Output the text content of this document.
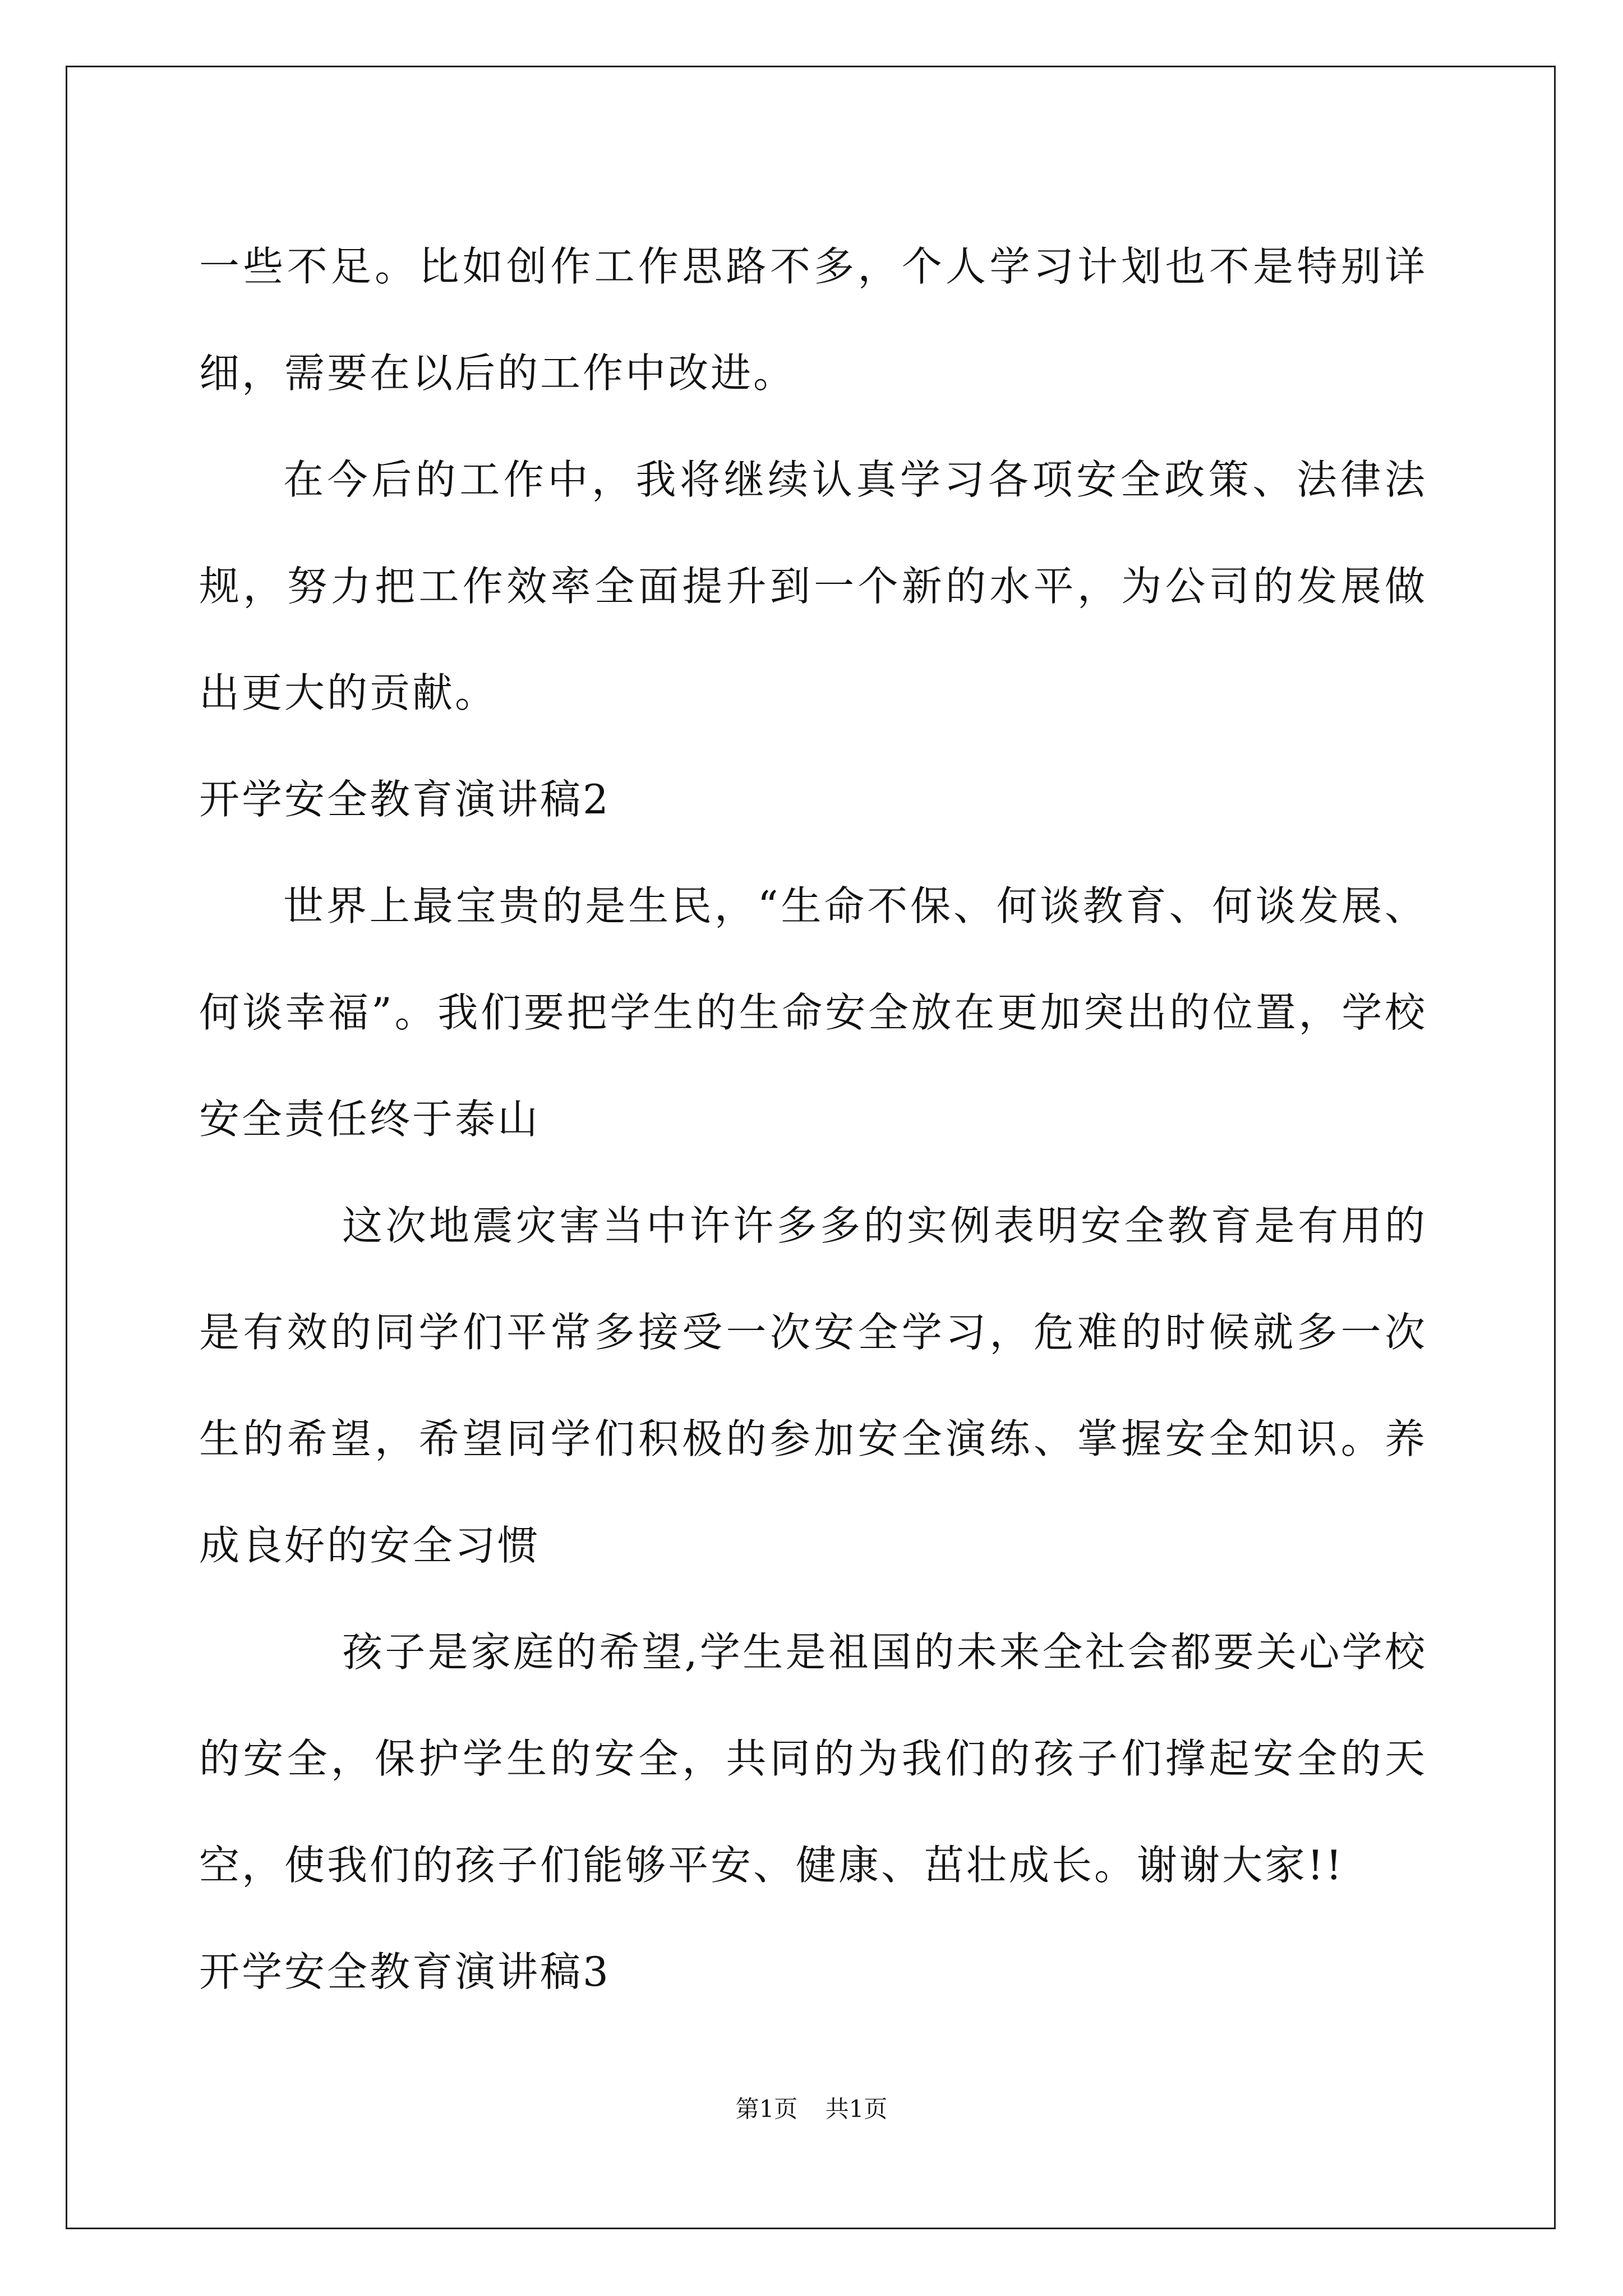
一些不足。比如创作工作思路不多，个人学习计划也不是特别详细，需要在以后的工作中改进。

在今后的工作中，我将继续认真学习各项安全政策、法律法规，努力把工作效率全面提升到一个新的水平，为公司的发展做出更大的贡献。

开学安全教育演讲稿2

世界上最宝贵的是生民，“生命不保、何谈教育、何谈发展、何谈幸福”。我们要把学生的生命安全放在更加突出的位置，学校安全责任终于泰山

这次地震灾害当中许许多多的实例表明安全教育是有用的是有效的同学们平常多接受一次安全学习，危难的时候就多一次生的希望，希望同学们积极的参加安全演练、掌握安全知识。养成良好的安全习惯

孩子是家庭的希望,学生是祖国的未来全社会都要关心学校的安全，保护学生的安全，共同的为我们的孩子们撑起安全的天空，使我们的孩子们能够平安、健康、茁壮成长。谢谢大家!!

开学安全教育演讲稿3

第1页 共1页
